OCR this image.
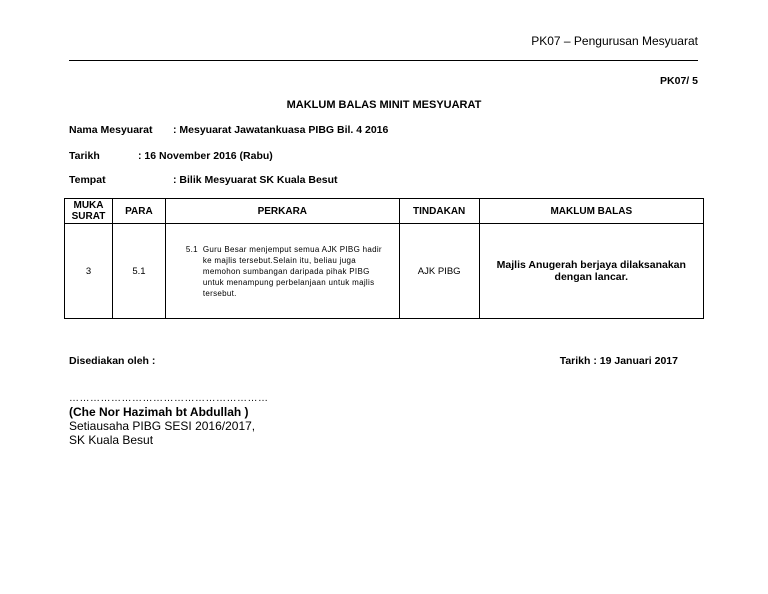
PK07 – Pengurusan Mesyuarat
PK07/ 5
MAKLUM BALAS MINIT MESYUARAT
Nama Mesyuarat : Mesyuarat Jawatankuasa PIBG Bil. 4 2016
Tarikh	: 16 November 2016 (Rabu)
Tempat	: Bilik Mesyuarat SK Kuala Besut
MUKA SURAT	PARA	PERKARA	TINDAKAN	MAKLUM BALAS
3	5.1	5.1 Guru Besar menjemput semua AJK PIBG hadir ke majlis tersebut.Selain itu, beliau juga memohon sumbangan daripada pihak PIBG untuk menampung perbelanjaan untuk majlis tersebut.	AJK PIBG	Majlis Anugerah berjaya dilaksanakan dengan lancar.
Disediakan oleh :	Tarikh : 19 Januari 2017
…………………………………………………
(Che Nor Hazimah bt Abdullah )
Setiausaha PIBG SESI 2016/2017,
SK Kuala Besut
